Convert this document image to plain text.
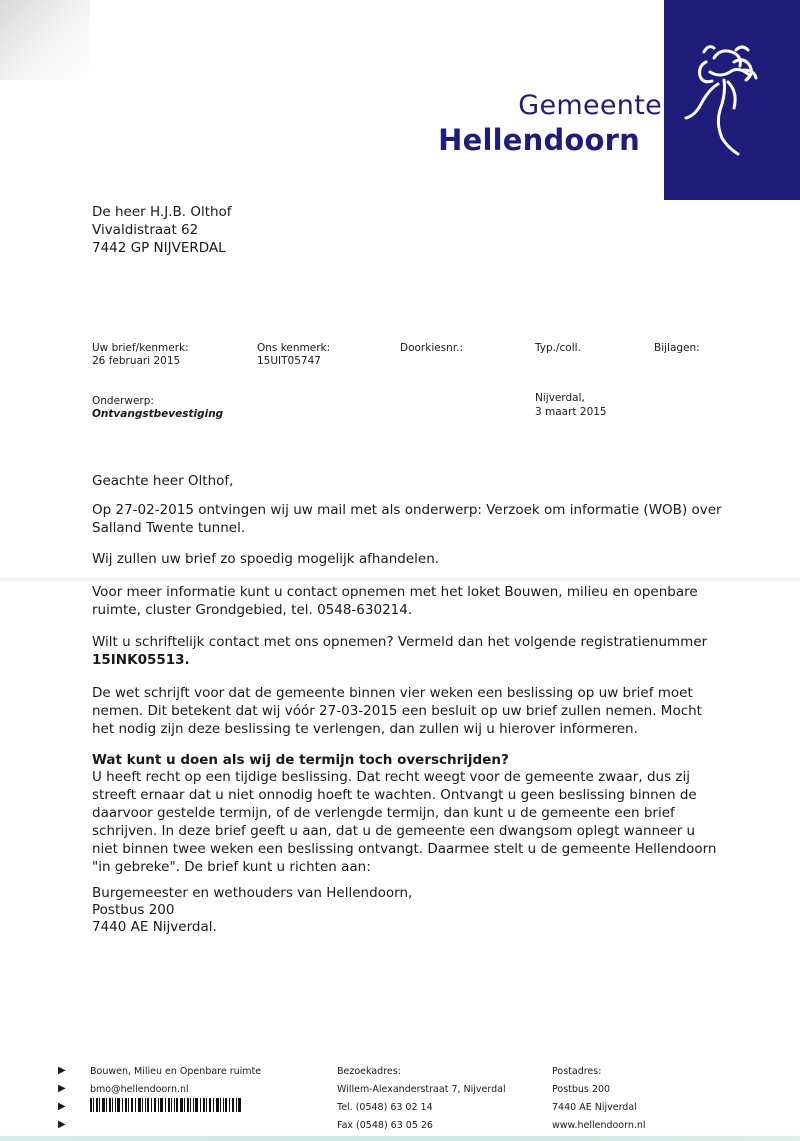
Gemeente
Hellendoorn
De heer H.J.B. Olthof
Vivaldistraat 62
7442 GP NIJVERDAL
Uw brief/kenmerk:
26 februari 2015
Ons kenmerk:
15UIT05747
Doorkiesnr.:	Typ./coll.	Bijlagen:
Onderwerp:
Ontvangstbevestiging
Nijverdal,
3 maart 2015
Geachte heer Olthof,
Op 27-02-2015 ontvingen wij uw mail met als onderwerp: Verzoek om informatie (WOB) over Salland Twente tunnel.
Wij zullen uw brief zo spoedig mogelijk afhandelen.
Voor meer informatie kunt u contact opnemen met het loket Bouwen, milieu en openbare ruimte, cluster Grondgebied, tel. 0548-630214.
Wilt u schriftelijk contact met ons opnemen? Vermeld dan het volgende registratienummer
15INK05513.
De wet schrijft voor dat de gemeente binnen vier weken een beslissing op uw brief moet nemen. Dit betekent dat wij vóór 27-03-2015 een besluit op uw brief zullen nemen. Mocht het nodig zijn deze beslissing te verlengen, dan zullen wij u hierover informeren.
Wat kunt u doen als wij de termijn toch overschrijden?
U heeft recht op een tijdige beslissing. Dat recht weegt voor de gemeente zwaar, dus zij streeft ernaar dat u niet onnodig hoeft te wachten. Ontvangt u geen beslissing binnen de daarvoor gestelde termijn, of de verlengde termijn, dan kunt u de gemeente een brief schrijven. In deze brief geeft u aan, dat u de gemeente een dwangsom oplegt wanneer u niet binnen twee weken een beslissing ontvangt. Daarmee stelt u de gemeente Hellendoorn "in gebreke". De brief kunt u richten aan:
Burgemeester en wethouders van Hellendoorn,
Postbus 200
7440 AE Nijverdal.
▶
▶
▶
▶
Bouwen, Milieu en Openbare ruimte
bmo@hellendoorn.nl
Bezoekadres:
Willem-Alexanderstraat 7, Nijverdal
Tel. (0548) 63 02 14
Fax (0548) 63 05 26
Postadres:
Postbus 200
7440 AE Nijverdal
www.hellendoorn.nl
